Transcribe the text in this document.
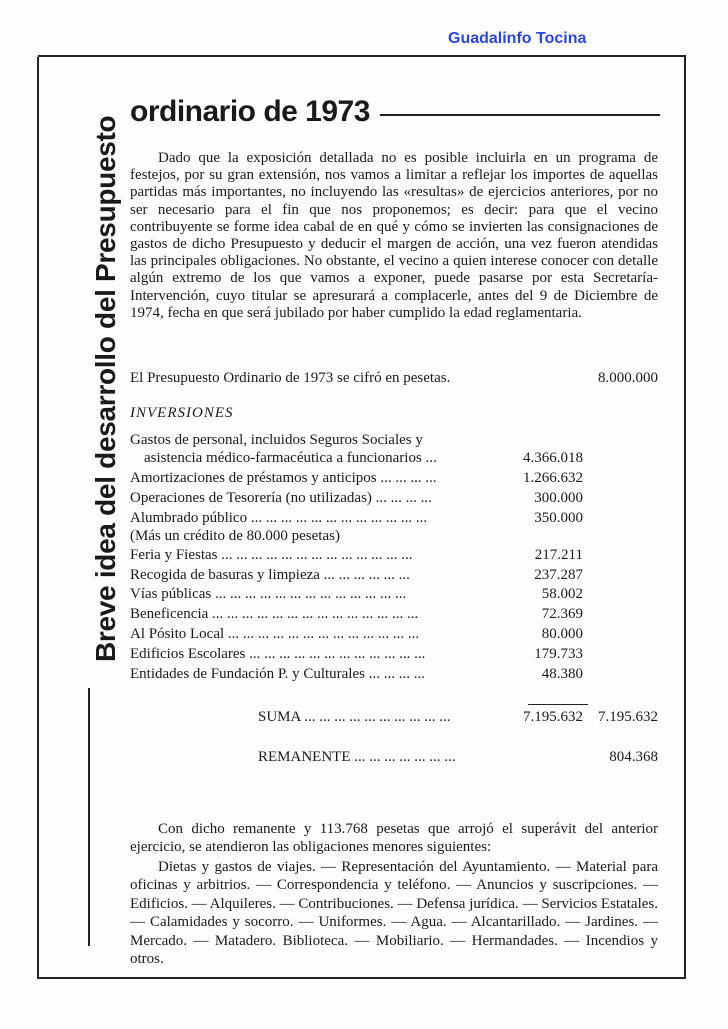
Guadalinfo Tocina
Breve idea del desarrollo del Presupuesto
ordinario de 1973

Dado que la exposición detallada no es posible incluirla en un programa de festejos, por su gran extensión, nos vamos a limitar a reflejar los importes de aquellas partidas más importantes, no incluyendo las «resultas» de ejercicios anteriores, por no ser necesario para el fin que nos proponemos; es decir: para que el vecino contribuyente se forme idea cabal de en qué y cómo se invierten las consignaciones de gastos de dicho Presupuesto y deducir el margen de acción, una vez fueron atendidas las principales obligaciones. No obstante, el vecino a quien interese conocer con detalle algún extremo de los que vamos a exponer, puede pasarse por esta Secretaría-Intervención, cuyo titular se apresurará a complacerle, antes del 9 de Diciembre de 1974, fecha en que será jubilado por haber cumplido la edad reglamentaria.

El Presupuesto Ordinario de 1973 se cifró en pesetas.	8.000.000
INVERSIONES
Gastos de personal, incluidos Seguros Sociales y
asistencia médico-farmacéutica a funcionarios ...	4.366.018
Amortizaciones de préstamos y anticipos ... ... ... ...	1.266.632
Operaciones de Tesorería (no utilizadas) ... ... ... ...	300.000
Alumbrado público ... ... ... ... ... ... ... ... ... ... ... ...	350.000
(Más un crédito de 80.000 pesetas)
Feria y Fiestas ... ... ... ... ... ... ... ... ... ... ... ... ...	217.211
Recogida de basuras y limpieza ... ... ... ... ... ...	237.287
Vías públicas ... ... ... ... ... ... ... ... ... ... ... ... ...	58.002
Beneficencia ... ... ... ... ... ... ... ... ... ... ... ... ... ...	72.369
Al Pósito Local ... ... ... ... ... ... ... ... ... ... ... ... ...	80.000
Edificios Escolares ... ... ... ... ... ... ... ... ... ... ... ...	179.733
Entidades de Fundación P. y Culturales ... ... ... ...	48.380
SUMA ... ... ... ... ... ... ... ... ... ...	7.195.632 7.195.632
REMANENTE ... ... ... ... ... ... ...	804.368

Con dicho remanente y 113.768 pesetas que arrojó el superávit del anterior ejercicio, se atendieron las obligaciones menores siguientes:

Dietas y gastos de viajes. — Representación del Ayuntamiento. — Material para oficinas y arbitrios. — Correspondencia y teléfono. — Anuncios y suscripciones. — Edificios. — Alquileres. — Contribuciones. — Defensa jurídica. — Servicios Estatales. — Calamidades y socorro. — Uniformes. — Agua. — Alcantarillado. — Jardines. — Mercado. — Matadero. Biblioteca. — Mobiliario. — Hermandades. — Incendios y otros.
